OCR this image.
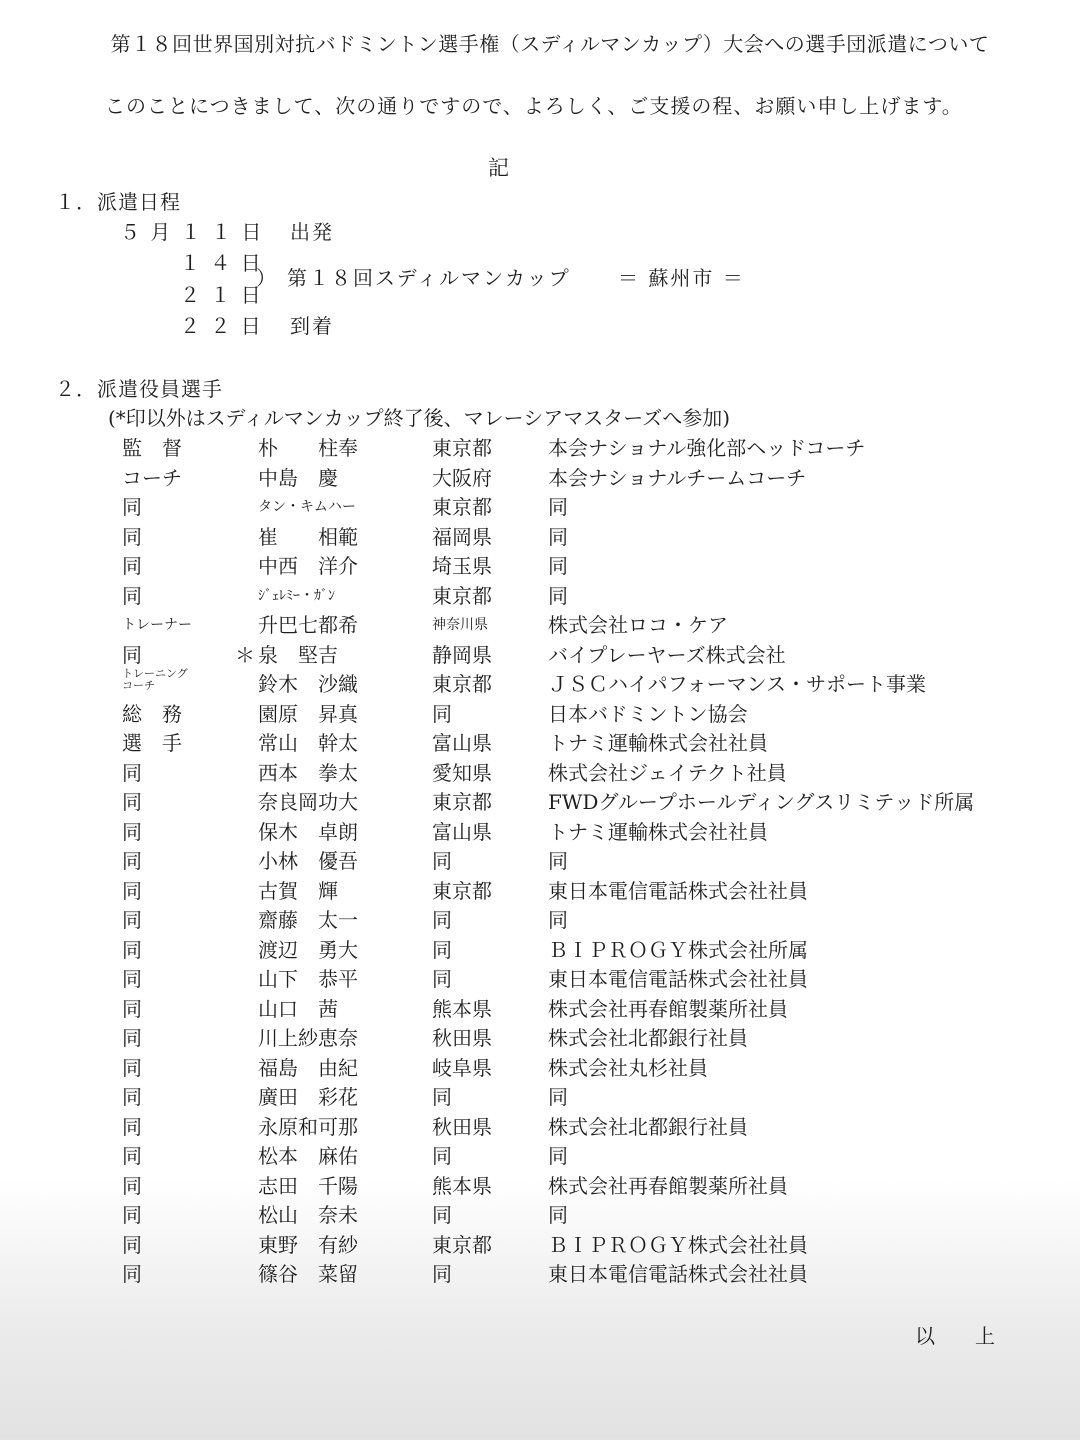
第１８回世界国別対抗バドミントン選手権（スディルマンカップ）大会への選手団派遣について
このことにつきまして、次の通りですので、よろしく、ご支援の程、お願い申し上げます。
記
１．派遣日程
５ 月 １ １ 日 出発
１ ４ 日
２ １ 日
） 第１８回スディルマンカップ ＝ 蘇州市 ＝
２ ２ 日 到着
２．派遣役員選手
(*印以外はスディルマンカップ終了後、マレーシアマスターズへ参加)
監　督	朴　　柱奉	東京都	本会ナショナル強化部ヘッドコーチ
コーチ	中島　慶	大阪府	本会ナショナルチームコーチ
同	タン・キムハー	東京都	同
同	崔　　相範	福岡県	同
同	中西　洋介	埼玉県	同
同	ｼﾞｪﾚﾐｰ・ｶﾞﾝ	東京都	同
トレーナー	升巴七都希	神奈川県	株式会社ロコ・ケア
同	＊ 泉　堅吉	静岡県	バイプレーヤーズ株式会社
トレーニング
コーチ	鈴木　沙織	東京都	ＪＳＣハイパフォーマンス・サポート事業
総　務	園原　昇真	同	日本バドミントン協会
選　手	常山　幹太	富山県	トナミ運輸株式会社社員
同	西本　拳太	愛知県	株式会社ジェイテクト社員
同	奈良岡功大	東京都	FWDグループホールディングスリミテッド所属
同	保木　卓朗	富山県	トナミ運輸株式会社社員
同	小林　優吾	同	同
同	古賀　輝	東京都	東日本電信電話株式会社社員
同	齋藤　太一	同	同
同	渡辺　勇大	同	ＢＩＰＲＯＧＹ株式会社所属
同	山下　恭平	同	東日本電信電話株式会社社員
同	山口　茜	熊本県	株式会社再春館製薬所社員
同	川上紗恵奈	秋田県	株式会社北都銀行社員
同	福島　由紀	岐阜県	株式会社丸杉社員
同	廣田　彩花	同	同
同	永原和可那	秋田県	株式会社北都銀行社員
同	松本　麻佑	同	同
同	志田　千陽	熊本県	株式会社再春館製薬所社員
同	松山　奈未	同	同
同	東野　有紗	東京都	ＢＩＰＲＯＧＹ株式会社社員
同	篠谷　菜留	同	東日本電信電話株式会社社員
以　　上
